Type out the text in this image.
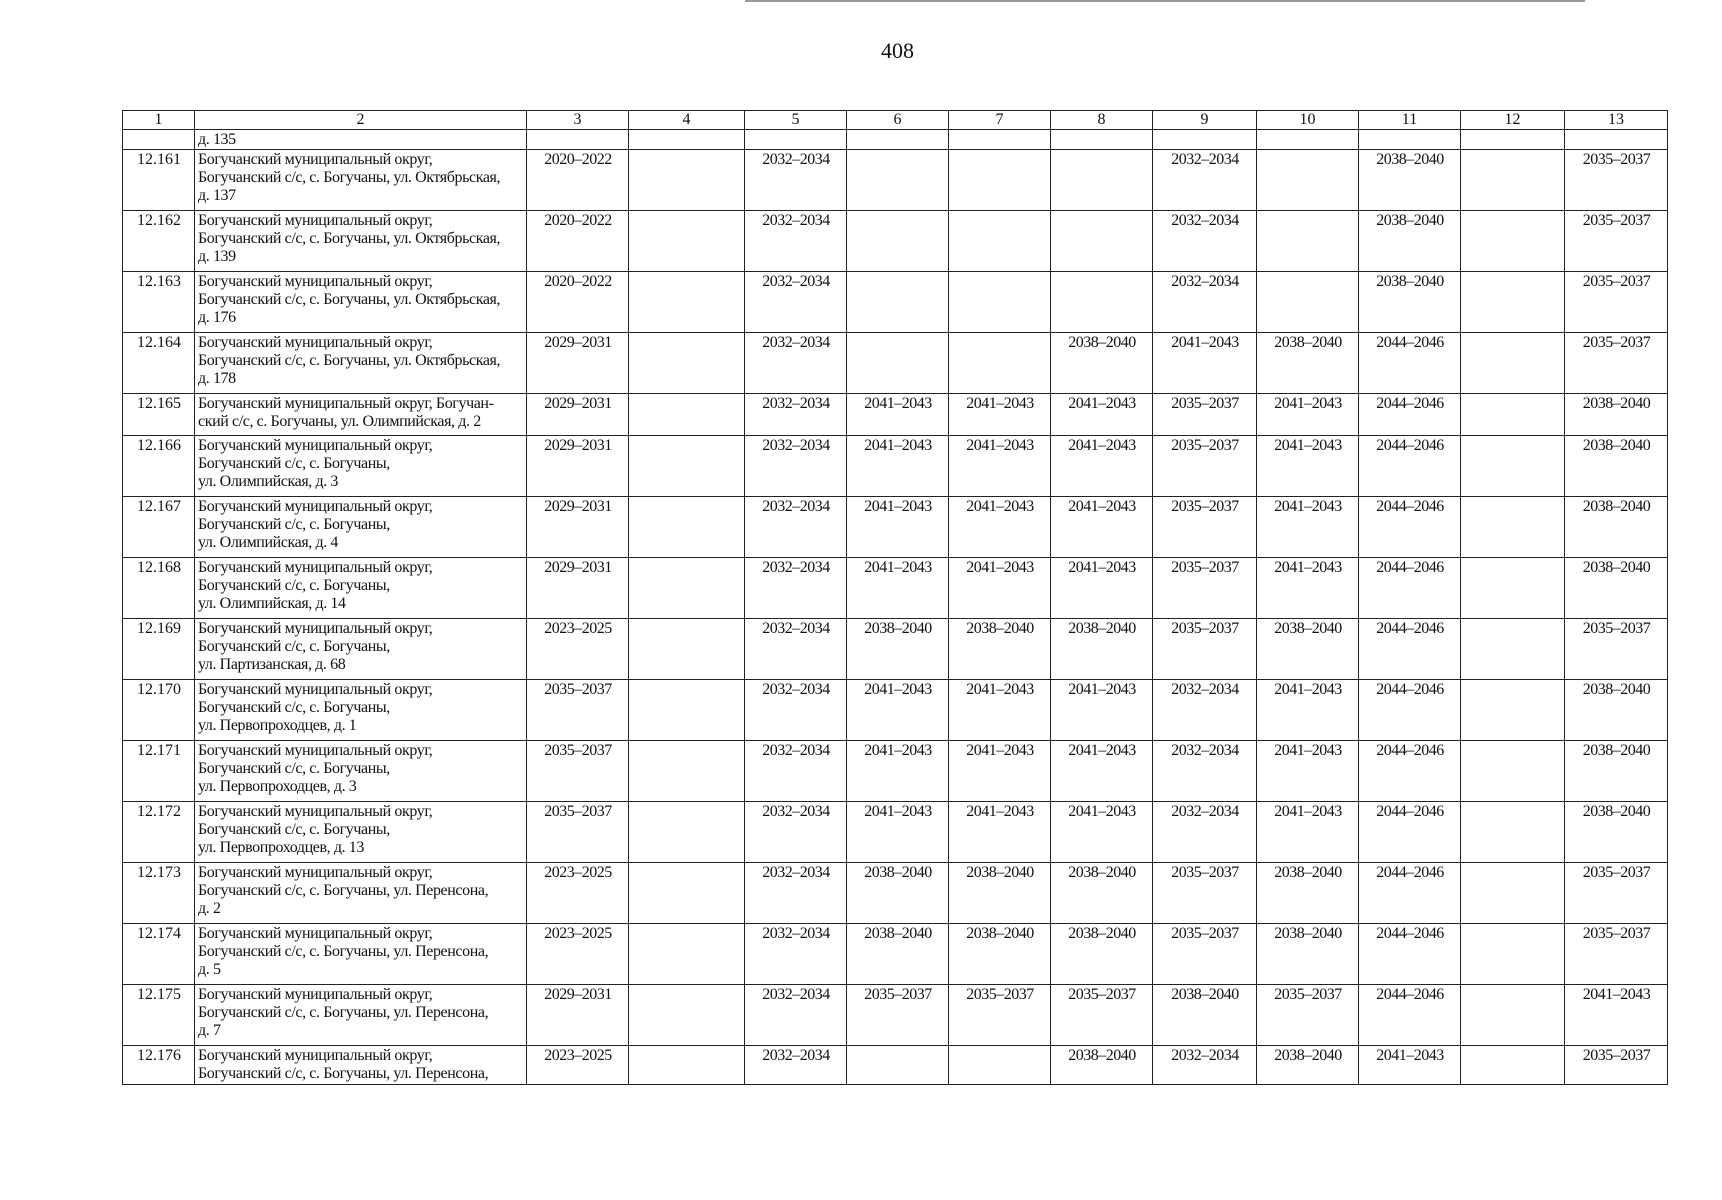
408
1	2	3	4	5	6	7	8	9	10	11	12	13
	д. 135											
12.161	Богучанский муниципальный округ,
Богучанский с/с, с. Богучаны, ул. Октябрьская,
д. 137	2020–2022		2032–2034				2032–2034		2038–2040		2035–2037
12.162	Богучанский муниципальный округ,
Богучанский с/с, с. Богучаны, ул. Октябрьская,
д. 139	2020–2022		2032–2034				2032–2034		2038–2040		2035–2037
12.163	Богучанский муниципальный округ,
Богучанский с/с, с. Богучаны, ул. Октябрьская,
д. 176	2020–2022		2032–2034				2032–2034		2038–2040		2035–2037
12.164	Богучанский муниципальный округ,
Богучанский с/с, с. Богучаны, ул. Октябрьская,
д. 178	2029–2031		2032–2034			2038–2040	2041–2043	2038–2040	2044–2046		2035–2037
12.165	Богучанский муниципальный округ, Богучан-
ский с/с, с. Богучаны, ул. Олимпийская, д. 2	2029–2031		2032–2034	2041–2043	2041–2043	2041–2043	2035–2037	2041–2043	2044–2046		2038–2040
12.166	Богучанский муниципальный округ,
Богучанский с/с, с. Богучаны,
ул. Олимпийская, д. 3	2029–2031		2032–2034	2041–2043	2041–2043	2041–2043	2035–2037	2041–2043	2044–2046		2038–2040
12.167	Богучанский муниципальный округ,
Богучанский с/с, с. Богучаны,
ул. Олимпийская, д. 4	2029–2031		2032–2034	2041–2043	2041–2043	2041–2043	2035–2037	2041–2043	2044–2046		2038–2040
12.168	Богучанский муниципальный округ,
Богучанский с/с, с. Богучаны,
ул. Олимпийская, д. 14	2029–2031		2032–2034	2041–2043	2041–2043	2041–2043	2035–2037	2041–2043	2044–2046		2038–2040
12.169	Богучанский муниципальный округ,
Богучанский с/с, с. Богучаны,
ул. Партизанская, д. 68	2023–2025		2032–2034	2038–2040	2038–2040	2038–2040	2035–2037	2038–2040	2044–2046		2035–2037
12.170	Богучанский муниципальный округ,
Богучанский с/с, с. Богучаны,
ул. Первопроходцев, д. 1	2035–2037		2032–2034	2041–2043	2041–2043	2041–2043	2032–2034	2041–2043	2044–2046		2038–2040
12.171	Богучанский муниципальный округ,
Богучанский с/с, с. Богучаны,
ул. Первопроходцев, д. 3	2035–2037		2032–2034	2041–2043	2041–2043	2041–2043	2032–2034	2041–2043	2044–2046		2038–2040
12.172	Богучанский муниципальный округ,
Богучанский с/с, с. Богучаны,
ул. Первопроходцев, д. 13	2035–2037		2032–2034	2041–2043	2041–2043	2041–2043	2032–2034	2041–2043	2044–2046		2038–2040
12.173	Богучанский муниципальный округ,
Богучанский с/с, с. Богучаны, ул. Перенсона,
д. 2	2023–2025		2032–2034	2038–2040	2038–2040	2038–2040	2035–2037	2038–2040	2044–2046		2035–2037
12.174	Богучанский муниципальный округ,
Богучанский с/с, с. Богучаны, ул. Перенсона,
д. 5	2023–2025		2032–2034	2038–2040	2038–2040	2038–2040	2035–2037	2038–2040	2044–2046		2035–2037
12.175	Богучанский муниципальный округ,
Богучанский с/с, с. Богучаны, ул. Перенсона,
д. 7	2029–2031		2032–2034	2035–2037	2035–2037	2035–2037	2038–2040	2035–2037	2044–2046		2041–2043
12.176	Богучанский муниципальный округ,
Богучанский с/с, с. Богучаны, ул. Перенсона,	2023–2025		2032–2034			2038–2040	2032–2034	2038–2040	2041–2043		2035–2037
